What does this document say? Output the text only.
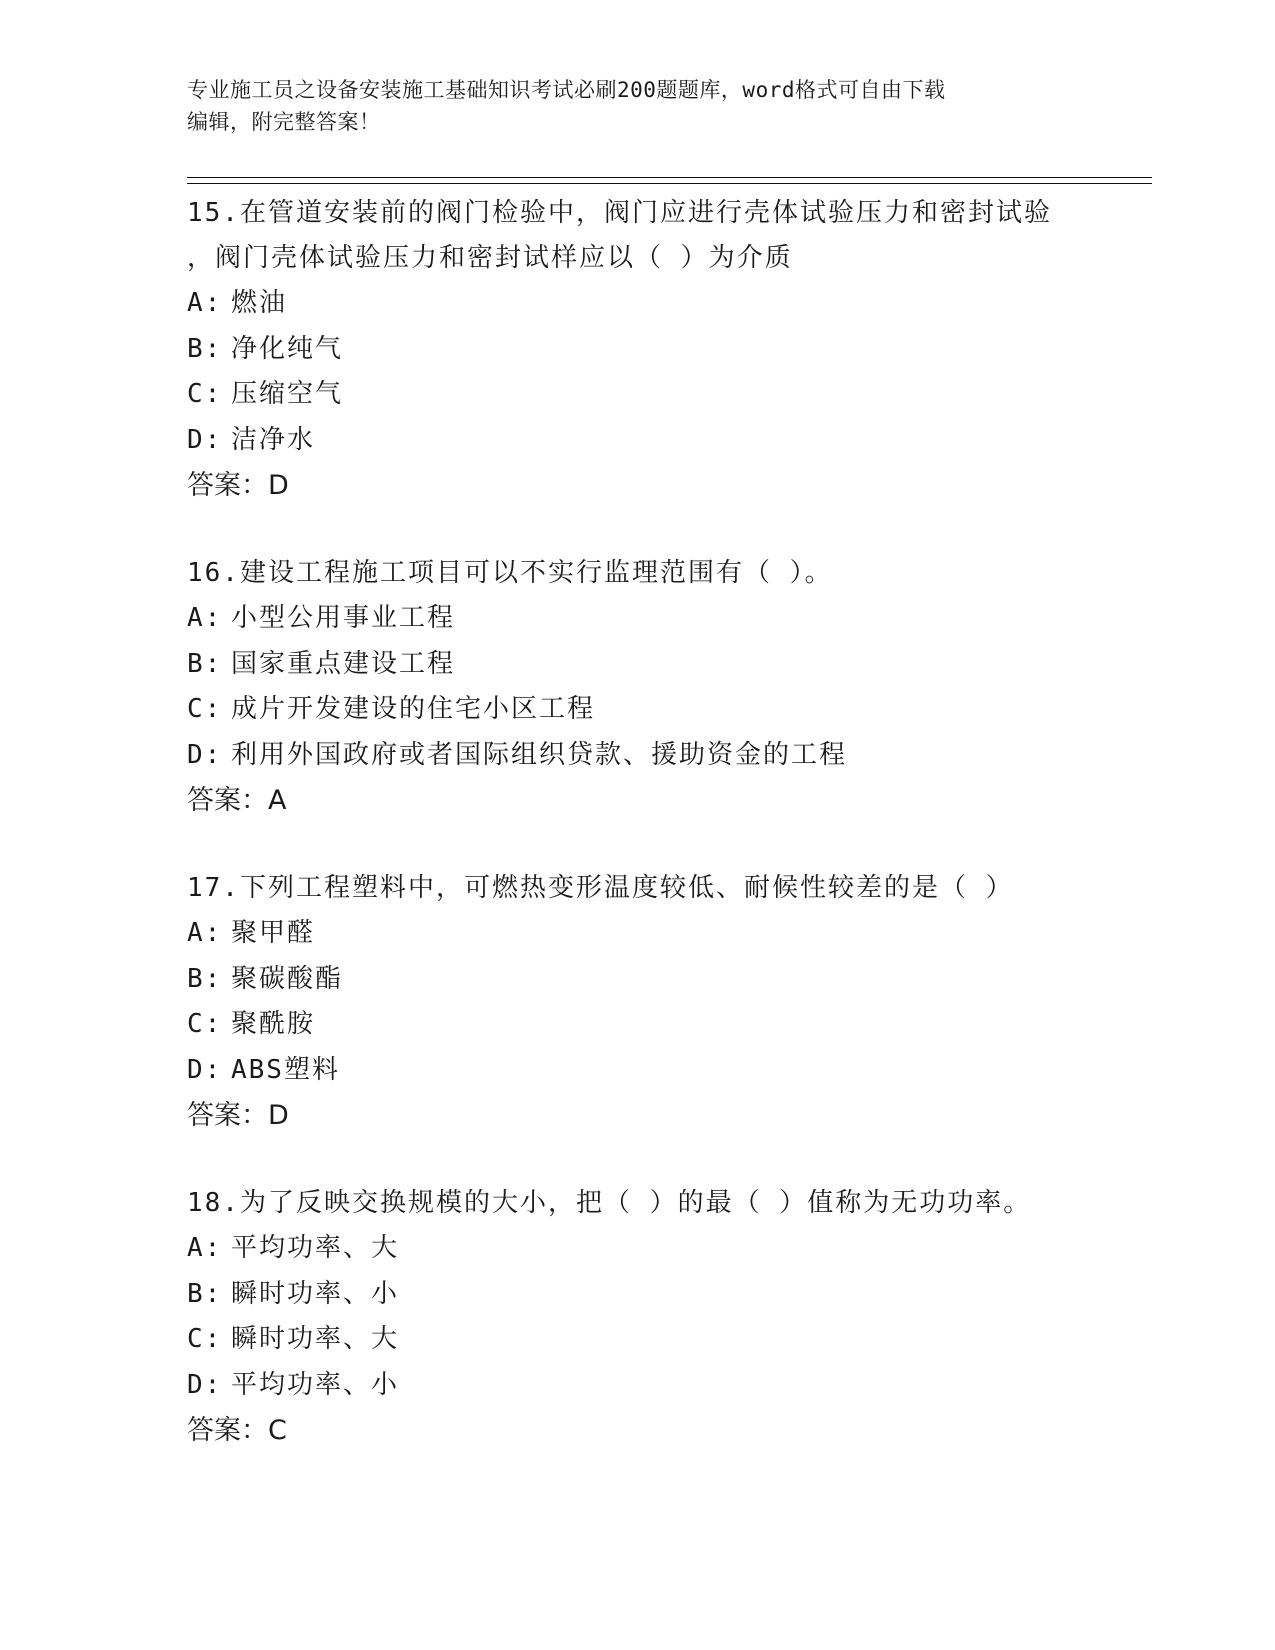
专业施工员之设备安装施工基础知识考试必刷200题题库，word格式可自由下载
编辑，附完整答案！
15.在管道安装前的阀门检验中，阀门应进行壳体试验压力和密封试验
，阀门壳体试验压力和密封试样应以（ ）为介质
A: 燃油
B: 净化纯气
C: 压缩空气
D: 洁净水
答案：D
16.建设工程施工项目可以不实行监理范围有（ ）。
A: 小型公用事业工程
B: 国家重点建设工程
C: 成片开发建设的住宅小区工程
D: 利用外国政府或者国际组织贷款、援助资金的工程
答案：A
17.下列工程塑料中，可燃热变形温度较低、耐候性较差的是（ ）
A: 聚甲醛
B: 聚碳酸酯
C: 聚酰胺
D: ABS塑料
答案：D
18.为了反映交换规模的大小，把（ ）的最（ ）值称为无功功率。
A: 平均功率、大
B: 瞬时功率、小
C: 瞬时功率、大
D: 平均功率、小
答案：C
